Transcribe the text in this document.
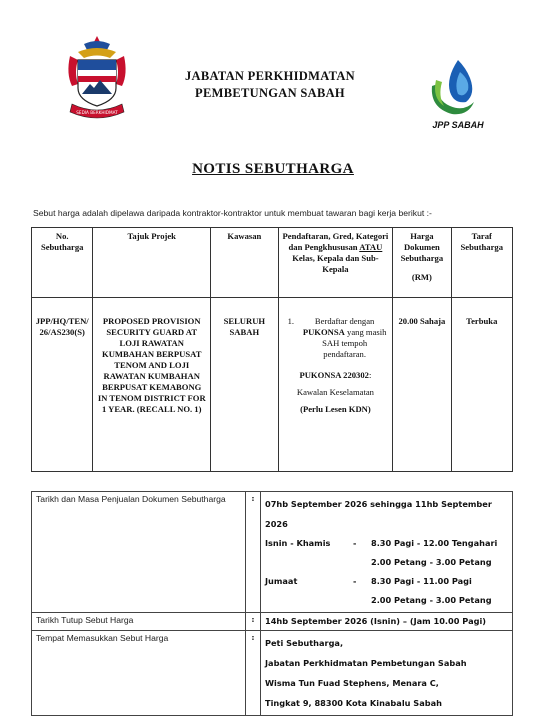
SEDIA BERKHIDMAT
JABATAN PERKHIDMATAN
PEMBETUNGAN SABAH
JPP SABAH
NOTIS SEBUTHARGA
Sebut harga adalah dipelawa daripada kontraktor-kontraktor untuk membuat tawaran bagi kerja berikut :-
No. Sebutharga	Tajuk Projek	Kawasan	Pendaftaran, Gred, Kategori dan Pengkhususan ATAU Kelas, Kepala dan Sub-Kepala	Harga Dokumen Sebutharga
(RM)	Taraf Sebutharga
JPP/HQ/TEN/ 26/AS230(S)	PROPOSED PROVISION SECURITY GUARD AT LOJI RAWATAN KUMBAHAN BERPUSAT TENOM AND LOJI RAWATAN KUMBAHAN BERPUSAT KEMABONG IN TENOM DISTRICT FOR 1 YEAR. (RECALL NO. 1)	SELURUH SABAH	1. Berdaftar dengan PUKONSA yang masih SAH tempoh pendaftaran.
PUKONSA 220302:
Kawalan Keselamatan
(Perlu Lesen KDN)	20.00 Sahaja	Terbuka
Tarikh dan Masa Penjualan Dokumen Sebutharga	:	07hb September 2026 sehingga 11hb September 2026
Isnin - Khamis	-	8.30 Pagi - 12.00 Tengahari
		2.00 Petang - 3.00 Petang
Jumaat	-	8.30 Pagi - 11.00 Pagi
		2.00 Petang - 3.00 Petang

Tarikh Tutup Sebut Harga	:	14hb September 2026 (Isnin) – (Jam 10.00 Pagi)
Tempat Memasukkan Sebut Harga	:	Peti Sebutharga,
Jabatan Perkhidmatan Pembetungan Sabah
Wisma Tun Fuad Stephens, Menara C,
Tingkat 9, 88300 Kota Kinabalu Sabah
